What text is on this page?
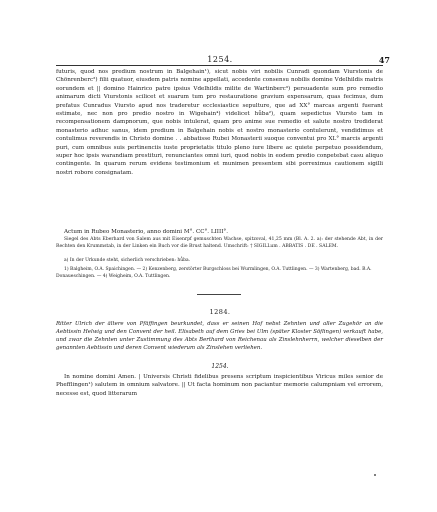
1254.	47
futuris, quod nos predium nostrum in Balgehain¹), sicut nobis viri nobilis Cunradi quondam Viurstonis de Chönrenberc²) filii quatuor, eiusdem patris nomine appellati, accedente consensu nobilis domine Vdelhildis matris eorundem et || domino Hainrico patre ipsius Vdelhildis milite de Wartinberc³) persuadente sum pro remedio animarum dicti Viurstonis scilicet et suarum tum pro restauratione gravium expensarum, quas fecimus, dum prefatus Cunradus Viursto apud nos traderetur ecclesiastice sepulture, que ad XX° marcas argenti fuerant estimate, nec non pro predio nostro in Wigehain⁴) videlicet hůba²), quam sepedictus Viursto tam in recompensationem dampnorum, que nobis intulerat, quam pro anime sue remedio et salute nostro trediderat monasterio adhuc sanus, idem predium in Balgehain nobis et nostro monasterio contulerunt, vendidimus et contulimus reverendis in Christo domine . . abbatisse Rubei Monasterii suoque conventui pro XL° marcis argenti puri, cum omnibus suis pertinenciis iuste proprietatis titulo pleno iure libere ac quiete perpetuo possidendum, super hoc ipsis warandiam prestituri, renunciantes omni iuri, quod nobis in eodem predio conpetebat casu aliquo contingente. In quarum rerum evidens testimonium et munimen presentem sibi porreximus cautionem sigilli nostri robore consignatam.
Actum in Rubeo Monasterio, anno domini M°. CC°. LIIII°.
Siegel des Abts Eberhard von Salem aus mit Eisenrpf gemuschten Wachse, spitzoval, 41,25 mm (Bl. A. 2. a): der stehende Abt, in der Rechten den Krummstab, in der Linken ein Buch vor die Brust haltend. Umschrift: † SIGILLum . ABBATIS . DE . SALEM.
a) In der Urkunde steht, sicherlich verschrieben: hůba.
1) Balgheim, O.A. Spaichingen. — 2) Kenzenberg, zerstörter Burgschloss bei Wurmlingen, O.A. Tuttlingen. — 3) Wartenberg, bad. B.A. Donaueschingen. — 4) Weigheim, O.A. Tuttlingen.
1284.
Ritter Ulrich der ältere von Pfäffingen beurkundet, dass er seinen Hof nebst Zehnten und aller Zugehör an die Aebtissin Helwig und den Convent der heil. Elisabeth auf dem Gries bei Ulm (später Kloster Söflingen) verkauft habe, und zwar die Zehnten unter Zustimmung des Abts Berthard von Reichenau als Zinslehnherrn, welcher dieselben der genannten Aebtissin und deren Convent wiederum als Zinslehen verliehen.
1254.
In nomine domini Amen. | Universis Christi fidelibus presens scriptum inspicientibus Viricus miles senior de Phefflingen¹) salutem in omnium salvatore. || Ut facta hominum non paciantur memorie calumpniam vel errorem, necesse est, quod litterarum
